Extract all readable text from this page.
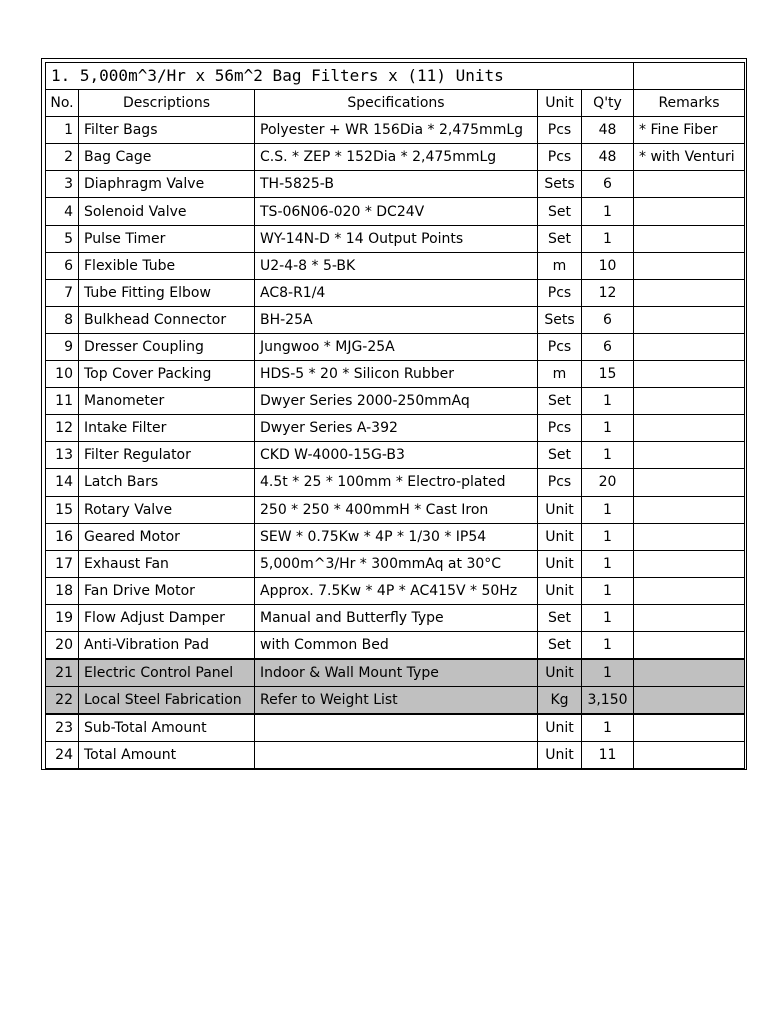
1. 5,000m^3/Hr x 56m^2 Bag Filters x (11) Units					
No.	Descriptions	Specifications	Unit	Q'ty	Remarks
1	Filter Bags	Polyester + WR 156Dia * 2,475mmLg	Pcs	48	* Fine Fiber
2	Bag Cage	C.S. * ZEP * 152Dia * 2,475mmLg	Pcs	48	* with Venturi
3	Diaphragm Valve	TH-5825-B	Sets	6	
4	Solenoid Valve	TS-06N06-020 * DC24V	Set	1	
5	Pulse Timer	WY-14N-D * 14 Output Points	Set	1	
6	Flexible Tube	U2-4-8 * 5-BK	m	10	
7	Tube Fitting Elbow	AC8-R1/4	Pcs	12	
8	Bulkhead Connector	BH-25A	Sets	6	
9	Dresser Coupling	Jungwoo * MJG-25A	Pcs	6	
10	Top Cover Packing	HDS-5 * 20 * Silicon Rubber	m	15	
11	Manometer	Dwyer Series 2000-250mmAq	Set	1	
12	Intake Filter	Dwyer Series A-392	Pcs	1	
13	Filter Regulator	CKD W-4000-15G-B3	Set	1	
14	Latch Bars	4.5t * 25 * 100mm * Electro-plated	Pcs	20	
15	Rotary Valve	250 * 250 * 400mmH * Cast Iron	Unit	1	
16	Geared Motor	SEW * 0.75Kw * 4P * 1/30 * IP54	Unit	1	
17	Exhaust Fan	5,000m^3/Hr * 300mmAq at 30°C	Unit	1	
18	Fan Drive Motor	Approx. 7.5Kw * 4P * AC415V * 50Hz	Unit	1	
19	Flow Adjust Damper	Manual and Butterfly Type	Set	1	
20	Anti-Vibration Pad	with Common Bed	Set	1	
21	Electric Control Panel	Indoor & Wall Mount Type	Unit	1	
22	Local Steel Fabrication	Refer to Weight List	Kg	3,150	
23	Sub-Total Amount		Unit	1	
24	Total Amount		Unit	11	
